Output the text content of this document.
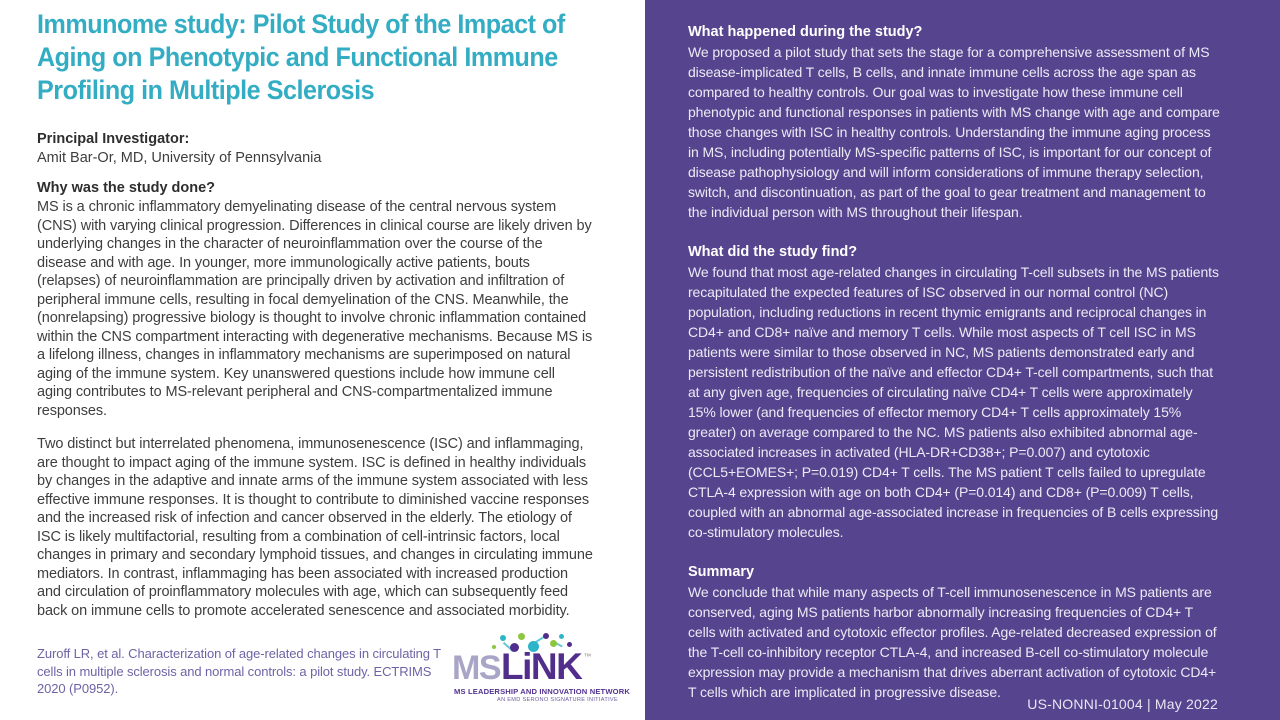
Immunome study: Pilot Study of the Impact of
Aging on Phenotypic and Functional Immune
Profiling in Multiple Sclerosis
Principal Investigator:
Amit Bar-Or, MD, University of Pennsylvania
Why was the study done?

MS is a chronic inflammatory demyelinating disease of the central nervous system (CNS) with varying clinical progression. Differences in clinical course are likely driven by underlying changes in the character of neuroinflammation over the course of the disease and with age. In younger, more immunologically active patients, bouts (relapses) of neuroinflammation are principally driven by activation and infiltration of peripheral immune cells, resulting in focal demyelination of the CNS. Meanwhile, the (nonrelapsing) progressive biology is thought to involve chronic inflammation contained within the CNS compartment interacting with degenerative mechanisms. Because MS is a lifelong illness, changes in inflammatory mechanisms are superimposed on natural aging of the immune system. Key unanswered questions include how immune cell aging contributes to MS-relevant peripheral and CNS-compartmentalized immune responses.

Two distinct but interrelated phenomena, immunosenescence (ISC) and inflammaging, are thought to impact aging of the immune system. ISC is defined in healthy individuals by changes in the adaptive and innate arms of the immune system associated with less effective immune responses. It is thought to contribute to diminished vaccine responses and the increased risk of infection and cancer observed in the elderly. The etiology of ISC is likely multifactorial, resulting from a combination of cell-intrinsic factors, local changes in primary and secondary lymphoid tissues, and changes in circulating immune mediators. In contrast, inflammaging has been associated with increased production and circulation of proinflammatory molecules with age, which can subsequently feed back on immune cells to promote accelerated senescence and associated morbidity.

Zuroff LR, et al. Characterization of age-related changes in circulating T cells in multiple sclerosis and normal controls: a pilot study. ECTRIMS 2020 (P0952).

MS LiNK ™
MS LEADERSHIP AND INNOVATION NETWORK
AN EMD SERONO SIGNATURE INITIATIVE
What happened during the study?

We proposed a pilot study that sets the stage for a comprehensive assessment of MS disease-implicated T cells, B cells, and innate immune cells across the age span as compared to healthy controls. Our goal was to investigate how these immune cell phenotypic and functional responses in patients with MS change with age and compare those changes with ISC in healthy controls. Understanding the immune aging process in MS, including potentially MS-specific patterns of ISC, is important for our concept of disease pathophysiology and will inform considerations of immune therapy selection, switch, and discontinuation, as part of the goal to gear treatment and management to the individual person with MS throughout their lifespan.

What did the study find?

We found that most age-related changes in circulating T-cell subsets in the MS patients recapitulated the expected features of ISC observed in our normal control (NC) population, including reductions in recent thymic emigrants and reciprocal changes in CD4+ and CD8+ naïve and memory T cells. While most aspects of T cell ISC in MS patients were similar to those observed in NC, MS patients demonstrated early and persistent redistribution of the naïve and effector CD4+ T-cell compartments, such that at any given age, frequencies of circulating naïve CD4+ T cells were approximately 15% lower (and frequencies of effector memory CD4+ T cells approximately 15% greater) on average compared to the NC. MS patients also exhibited abnormal age-associated increases in activated (HLA-DR+CD38+; P=0.007) and cytotoxic (CCL5+EOMES+; P=0.019) CD4+ T cells. The MS patient T cells failed to upregulate CTLA-4 expression with age on both CD4+ (P=0.014) and CD8+ (P=0.009) T cells, coupled with an abnormal age-associated increase in frequencies of B cells expressing co-stimulatory molecules.

Summary

We conclude that while many aspects of T-cell immunosenescence in MS patients are conserved, aging MS patients harbor abnormally increasing frequencies of CD4+ T cells with activated and cytotoxic effector profiles. Age-related decreased expression of the T-cell co-inhibitory receptor CTLA-4, and increased B-cell co-stimulatory molecule expression may provide a mechanism that drives aberrant activation of cytotoxic CD4+ T cells which are implicated in progressive disease.

US-NONNI-01004 | May 2022
